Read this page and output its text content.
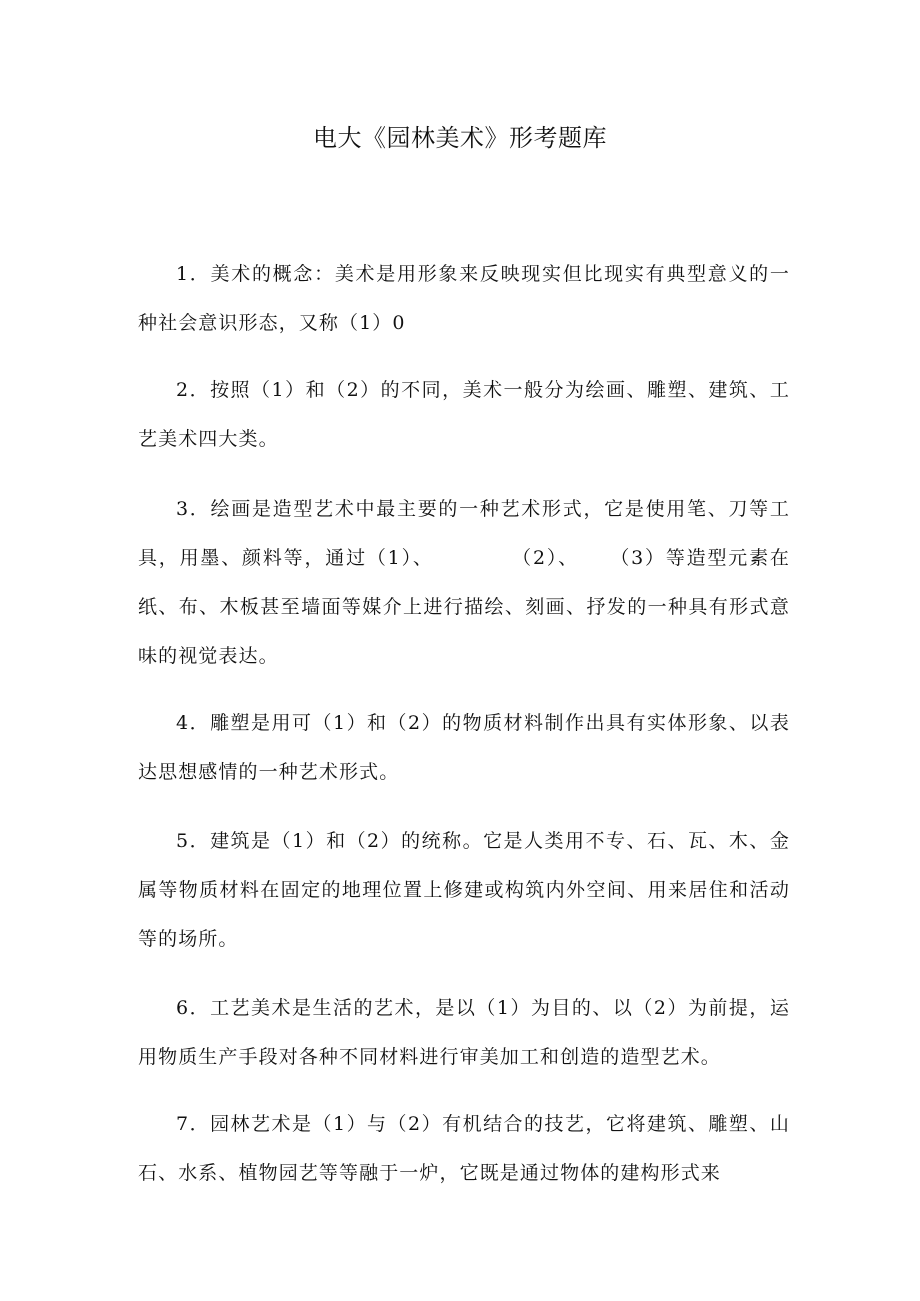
电大《园林美术》形考题库

1．美术的概念：美术是用形象来反映现实但比现实有典型意义的一种社会意识形态，又称（1）0

2．按照（1）和（2）的不同，美术一般分为绘画、雕塑、建筑、工艺美术四大类。

3．绘画是造型艺术中最主要的一种艺术形式，它是使用笔、刀等工具，用墨、颜料等，通过（1）、          （2）、    （3）等造型元素在纸、布、木板甚至墙面等媒介上进行描绘、刻画、抒发的一种具有形式意味的视觉表达。

4．雕塑是用可（1）和（2）的物质材料制作出具有实体形象、以表达思想感情的一种艺术形式。

5．建筑是（1）和（2）的统称。它是人类用不专、石、瓦、木、金属等物质材料在固定的地理位置上修建或构筑内外空间、用来居住和活动等的场所。

6．工艺美术是生活的艺术，是以（1）为目的、以（2）为前提，运用物质生产手段对各种不同材料进行审美加工和创造的造型艺术。

7．园林艺术是（1）与（2）有机结合的技艺，它将建筑、雕塑、山石、水系、植物园艺等等融于一炉，它既是通过物体的建构形式来
